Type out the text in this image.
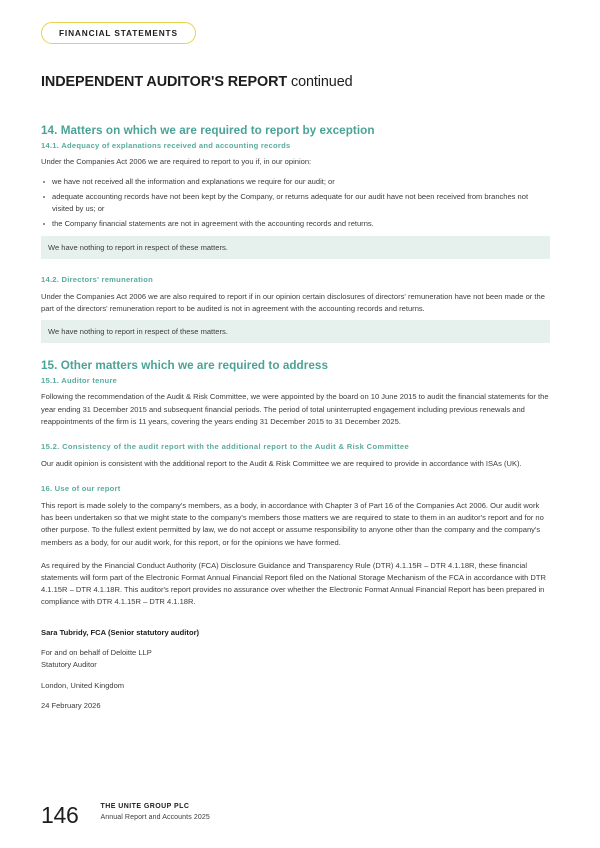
FINANCIAL STATEMENTS
INDEPENDENT AUDITOR'S REPORT continued
14. Matters on which we are required to report by exception
14.1. Adequacy of explanations received and accounting records

Under the Companies Act 2006 we are required to report to you if, in our opinion:

we have not received all the information and explanations we require for our audit; or
adequate accounting records have not been kept by the Company, or returns adequate for our audit have not been received from branches not visited by us; or
the Company financial statements are not in agreement with the accounting records and returns.
We have nothing to report in respect of these matters.
14.2. Directors' remuneration

Under the Companies Act 2006 we are also required to report if in our opinion certain disclosures of directors' remuneration have not been made or the part of the directors' remuneration report to be audited is not in agreement with the accounting records and returns.

We have nothing to report in respect of these matters.
15. Other matters which we are required to address
15.1. Auditor tenure

Following the recommendation of the Audit & Risk Committee, we were appointed by the board on 10 June 2015 to audit the financial statements for the year ending 31 December 2015 and subsequent financial periods. The period of total uninterrupted engagement including previous renewals and reappointments of the firm is 11 years, covering the years ending 31 December 2015 to 31 December 2025.

15.2. Consistency of the audit report with the additional report to the Audit & Risk Committee

Our audit opinion is consistent with the additional report to the Audit & Risk Committee we are required to provide in accordance with ISAs (UK).

16. Use of our report

This report is made solely to the company's members, as a body, in accordance with Chapter 3 of Part 16 of the Companies Act 2006. Our audit work has been undertaken so that we might state to the company's members those matters we are required to state to them in an auditor's report and for no other purpose. To the fullest extent permitted by law, we do not accept or assume responsibility to anyone other than the company and the company's members as a body, for our audit work, for this report, or for the opinions we have formed.

As required by the Financial Conduct Authority (FCA) Disclosure Guidance and Transparency Rule (DTR) 4.1.15R – DTR 4.1.18R, these financial statements will form part of the Electronic Format Annual Financial Report filed on the National Storage Mechanism of the FCA in accordance with DTR 4.1.15R – DTR 4.1.18R. This auditor's report provides no assurance over whether the Electronic Format Annual Financial Report has been prepared in compliance with DTR 4.1.15R – DTR 4.1.18R.

Sara Tubridy, FCA (Senior statutory auditor)
For and on behalf of Deloitte LLP
Statutory Auditor
London, United Kingdom
24 February 2026
146	THE UNITE GROUP PLC
Annual Report and Accounts 2025
